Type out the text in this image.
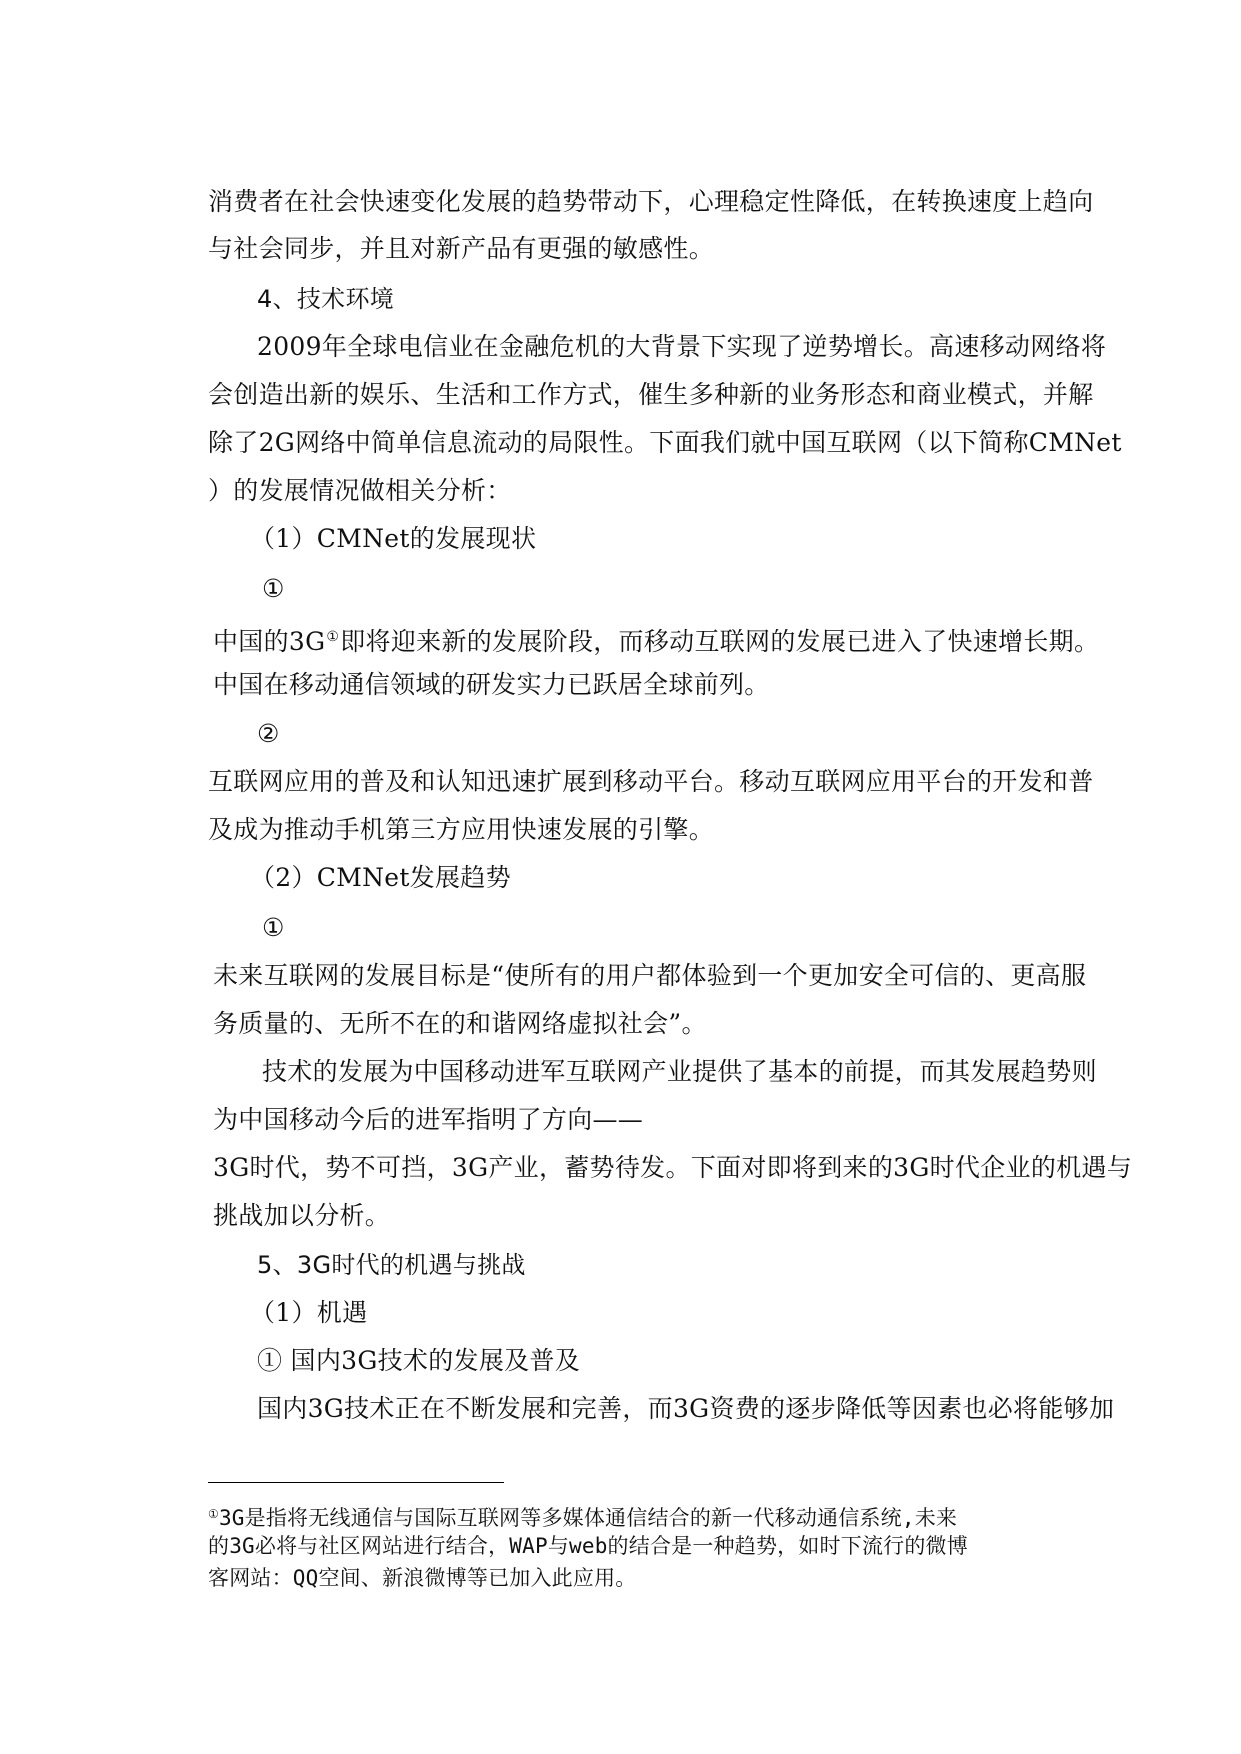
消费者在社会快速变化发展的趋势带动下，心理稳定性降低，在转换速度上趋向
与社会同步，并且对新产品有更强的敏感性。
4、技术环境
2009年全球电信业在金融危机的大背景下实现了逆势增长。高速移动网络将
会创造出新的娱乐、生活和工作方式，催生多种新的业务形态和商业模式，并解
除了2G网络中简单信息流动的局限性。下面我们就中国互联网（以下简称CMNet
）的发展情况做相关分析：
（1）CMNet的发展现状
①
中国的3G①即将迎来新的发展阶段，而移动互联网的发展已进入了快速增长期。
中国在移动通信领域的研发实力已跃居全球前列。
②
互联网应用的普及和认知迅速扩展到移动平台。移动互联网应用平台的开发和普
及成为推动手机第三方应用快速发展的引擎。
（2）CMNet发展趋势
①
未来互联网的发展目标是“使所有的用户都体验到一个更加安全可信的、更高服
务质量的、无所不在的和谐网络虚拟社会”。
技术的发展为中国移动进军互联网产业提供了基本的前提，而其发展趋势则
为中国移动今后的进军指明了方向——
3G时代，势不可挡，3G产业，蓄势待发。下面对即将到来的3G时代企业的机遇与
挑战加以分析。
5、3G时代的机遇与挑战
（1）机遇
① 国内3G技术的发展及普及
国内3G技术正在不断发展和完善，而3G资费的逐步降低等因素也必将能够加
①3G是指将无线通信与国际互联网等多媒体通信结合的新一代移动通信系统,未来
的3G必将与社区网站进行结合，WAP与web的结合是一种趋势，如时下流行的微博
客网站：QQ空间、新浪微博等已加入此应用。
